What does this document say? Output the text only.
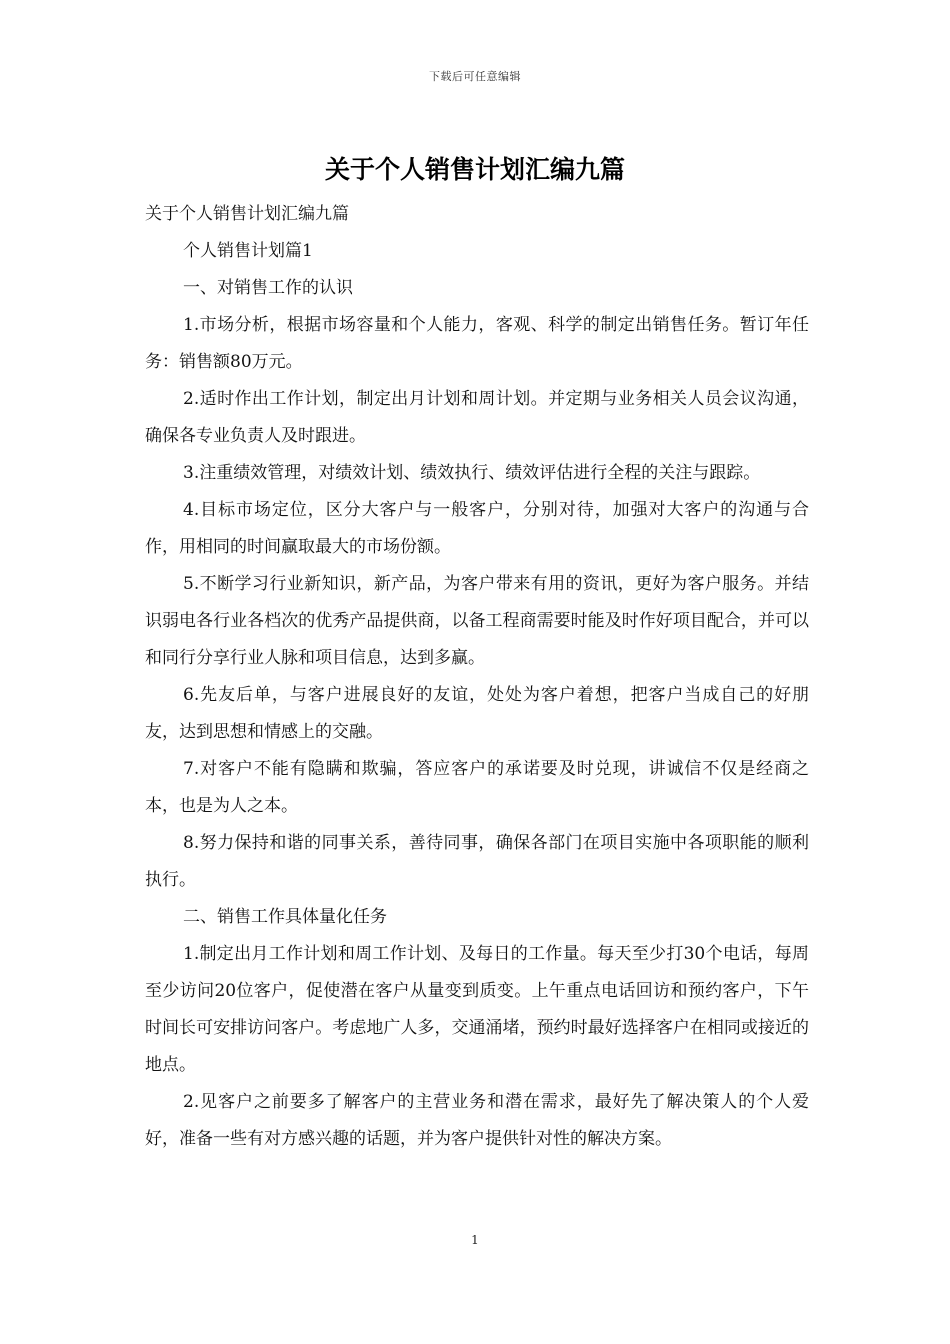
下载后可任意编辑
关于个人销售计划汇编九篇

关于个人销售计划汇编九篇

个人销售计划篇1

一、对销售工作的认识

1.市场分析，根据市场容量和个人能力，客观、科学的制定出销售任务。暂订年任务：销售额80万元。

2.适时作出工作计划，制定出月计划和周计划。并定期与业务相关人员会议沟通，确保各专业负责人及时跟进。

3.注重绩效管理，对绩效计划、绩效执行、绩效评估进行全程的关注与跟踪。

4.目标市场定位，区分大客户与一般客户，分别对待，加强对大客户的沟通与合作，用相同的时间赢取最大的市场份额。

5.不断学习行业新知识，新产品，为客户带来有用的资讯，更好为客户服务。并结识弱电各行业各档次的优秀产品提供商，以备工程商需要时能及时作好项目配合，并可以和同行分享行业人脉和项目信息，达到多赢。

6.先友后单，与客户进展良好的友谊，处处为客户着想，把客户当成自己的好朋友，达到思想和情感上的交融。

7.对客户不能有隐瞒和欺骗，答应客户的承诺要及时兑现，讲诚信不仅是经商之本，也是为人之本。

8.努力保持和谐的同事关系，善待同事，确保各部门在项目实施中各项职能的顺利执行。

二、销售工作具体量化任务

1.制定出月工作计划和周工作计划、及每日的工作量。每天至少打30个电话，每周至少访问20位客户，促使潜在客户从量变到质变。上午重点电话回访和预约客户，下午时间长可安排访问客户。考虑地广人多，交通涌堵，预约时最好选择客户在相同或接近的地点。

2.见客户之前要多了解客户的主营业务和潜在需求，最好先了解决策人的个人爱好，准备一些有对方感兴趣的话题，并为客户提供针对性的解决方案。

1
